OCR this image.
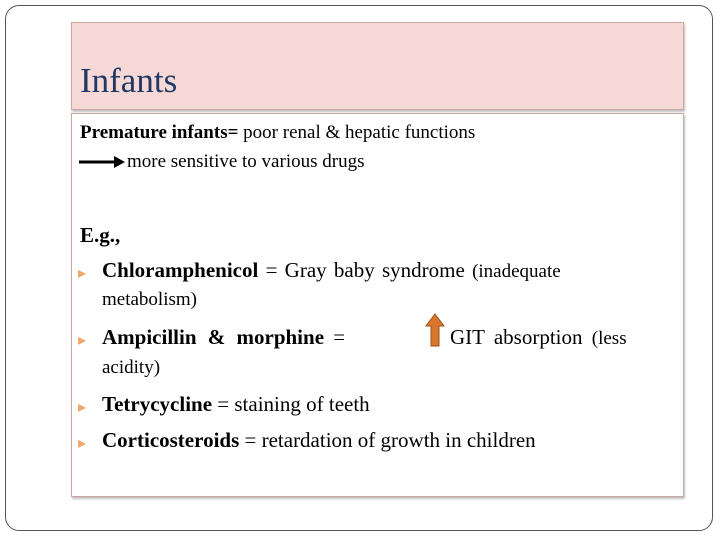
Infants
Premature infants= poor renal & hepatic functions
more sensitive to various drugs
E.g.,
▸ Chloramphenicol = Gray baby syndrome (inadequate
metabolism)
▸ Ampicillin & morphine =	GIT absorption (less
acidity)
▸ Tetrycycline = staining of teeth
▸ Corticosteroids = retardation of growth in children
